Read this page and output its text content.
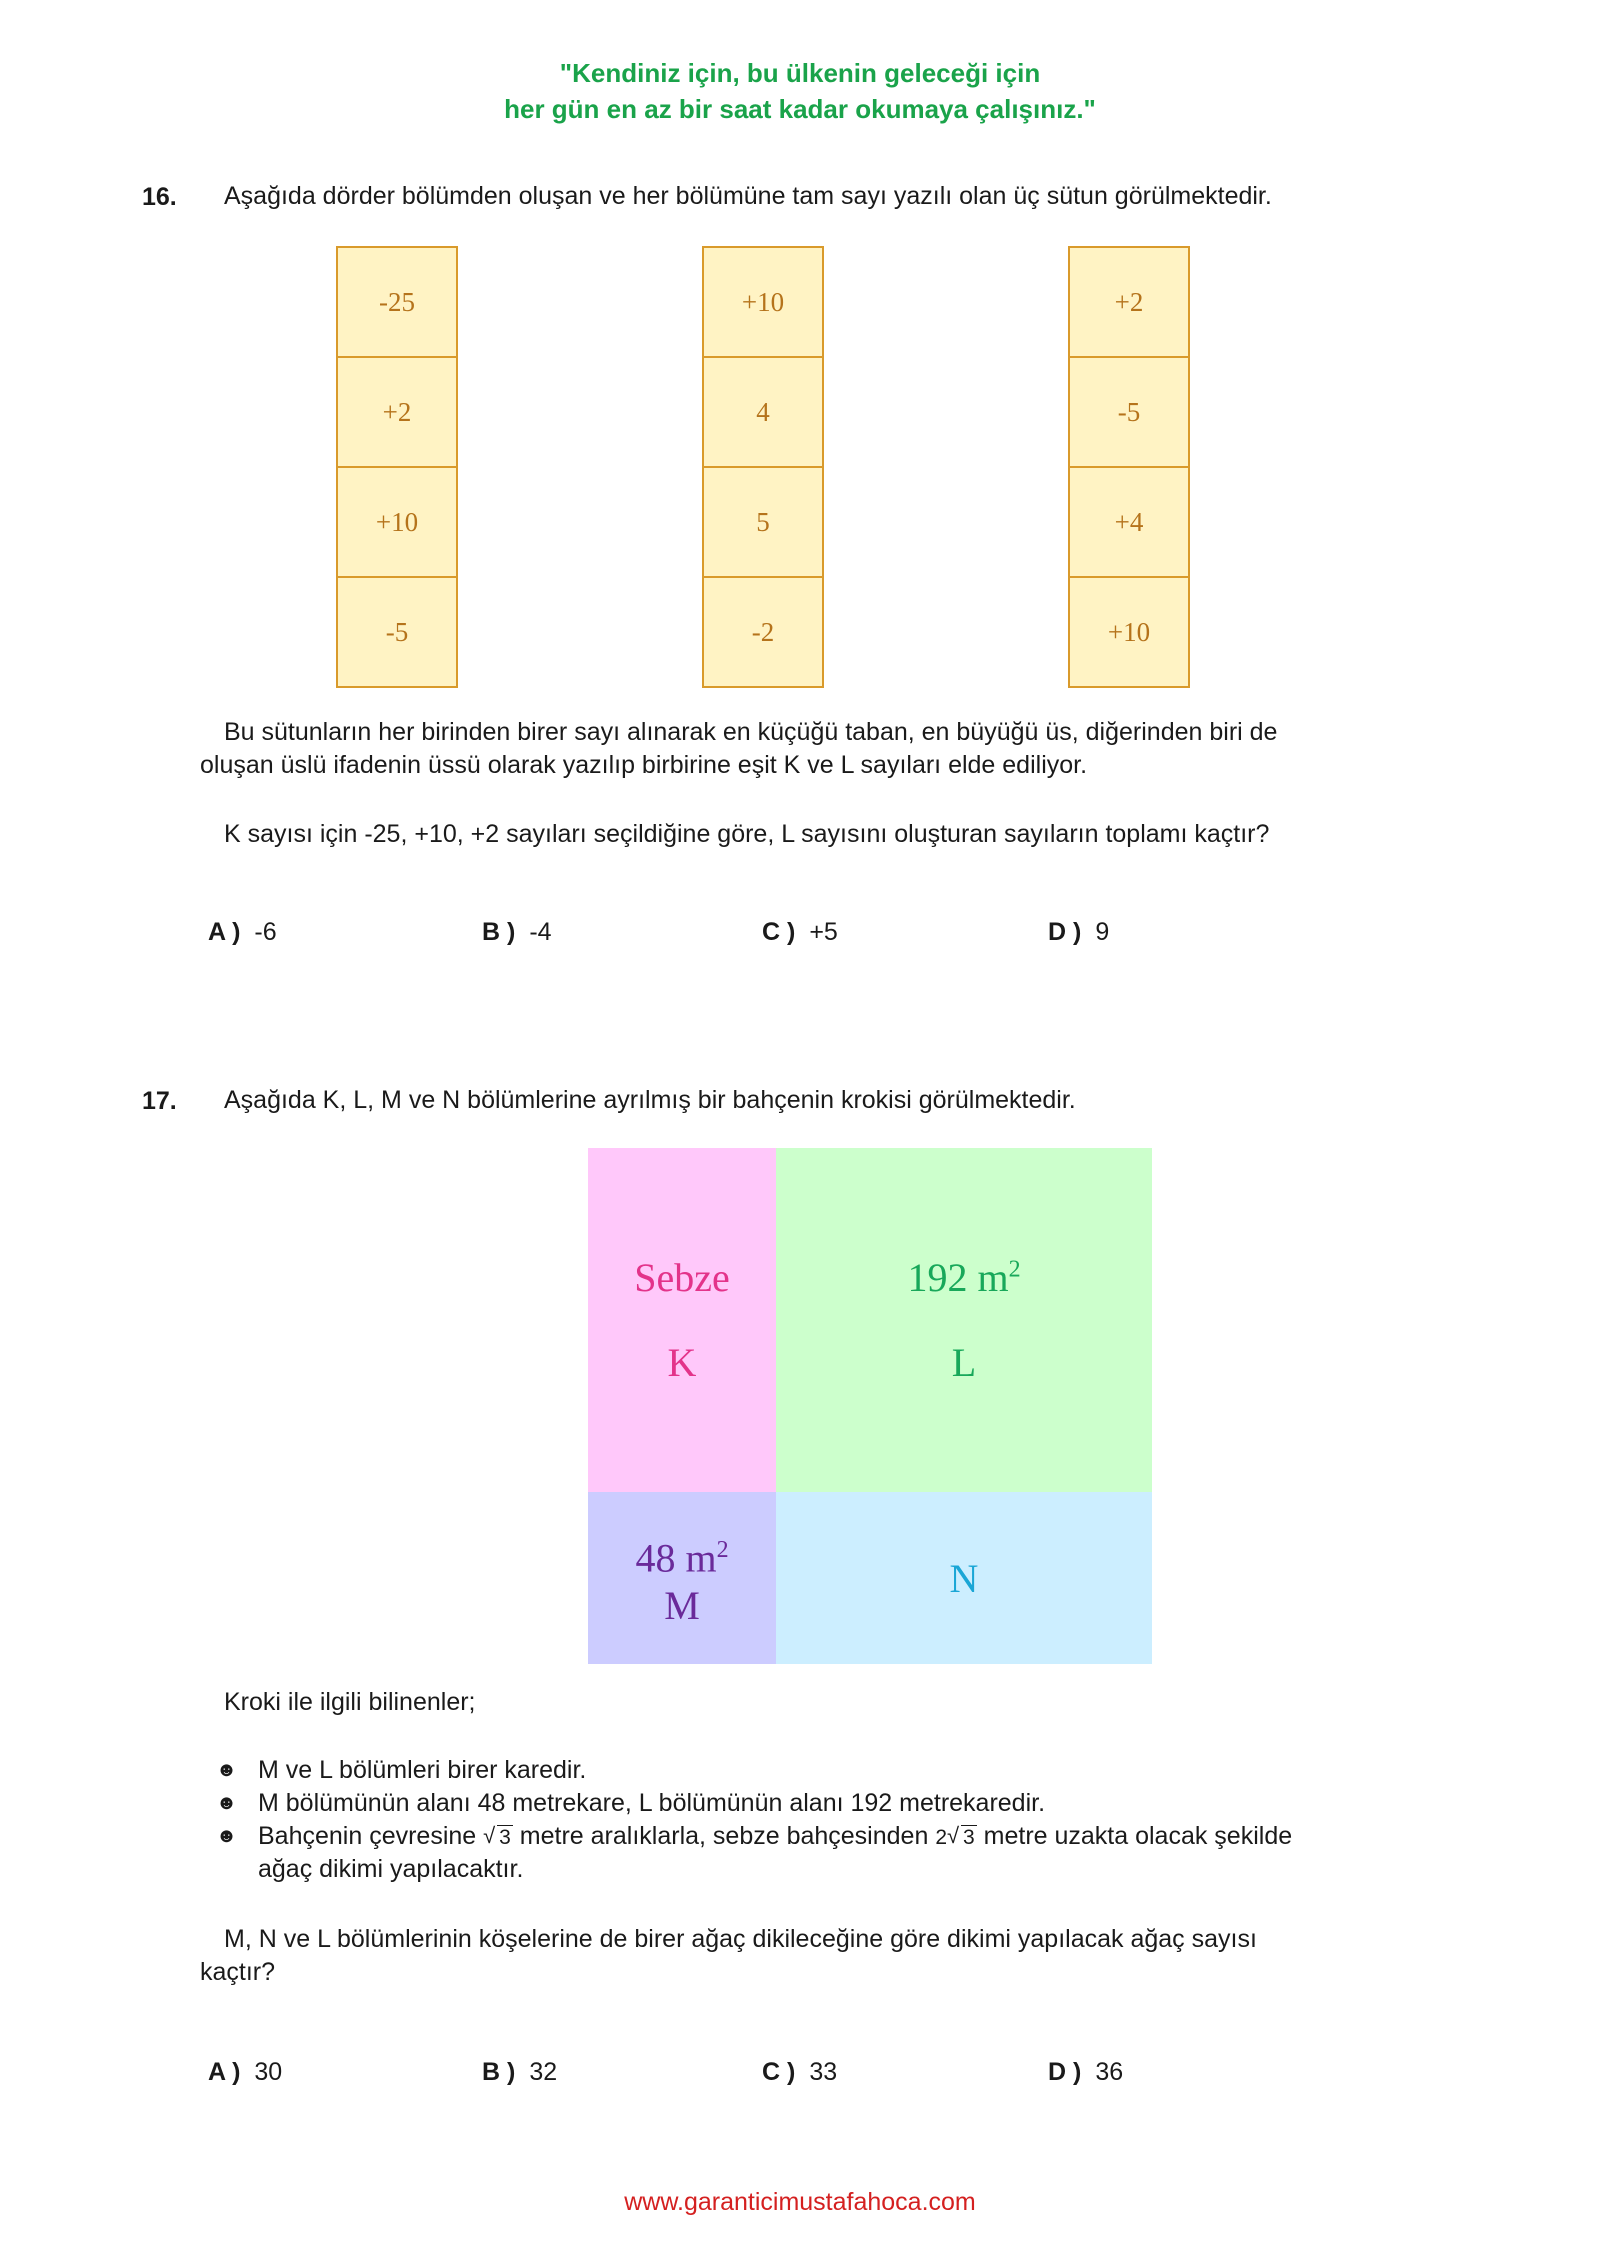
"Kendiniz için, bu ülkenin geleceği için
her gün en az bir saat kadar okumaya çalışınız."
16. Aşağıda dörder bölümden oluşan ve her bölümüne tam sayı yazılı olan üç sütun görülmektedir.
-25
+2
+10
-5
+10
4
5
-2
+2
-5
+4
+10
Bu sütunların her birinden birer sayı alınarak en küçüğü taban, en büyüğü üs, diğerinden biri de
oluşan üslü ifadenin üssü olarak yazılıp birbirine eşit K ve L sayıları elde ediliyor.
K sayısı için -25, +10, +2 sayıları seçildiğine göre, L sayısını oluşturan sayıların toplamı kaçtır?
A ) -6	B ) -4	C ) +5	D ) 9
17. Aşağıda K, L, M ve N bölümlerine ayrılmış bir bahçenin krokisi görülmektedir.
Sebze
K
192 $m^2$
L
48 $m^2$
M
N
Kroki ile ilgili bilinenler;
☻ M ve L bölümleri birer karedir.
☻ M bölümünün alanı 48 metrekare, L bölümünün alanı 192 metrekaredir.
☻ Bahçenin çevresine √ 3 metre aralıklarla, sebze bahçesinden 2 √ 3 metre uzakta olacak şekilde
ağaç dikimi yapılacaktır.
M, N ve L bölümlerinin köşelerine de birer ağaç dikileceğine göre dikimi yapılacak ağaç sayısı
kaçtır?
A ) 30	B ) 32	C ) 33	D ) 36
www.garanticimustafahoca.com
